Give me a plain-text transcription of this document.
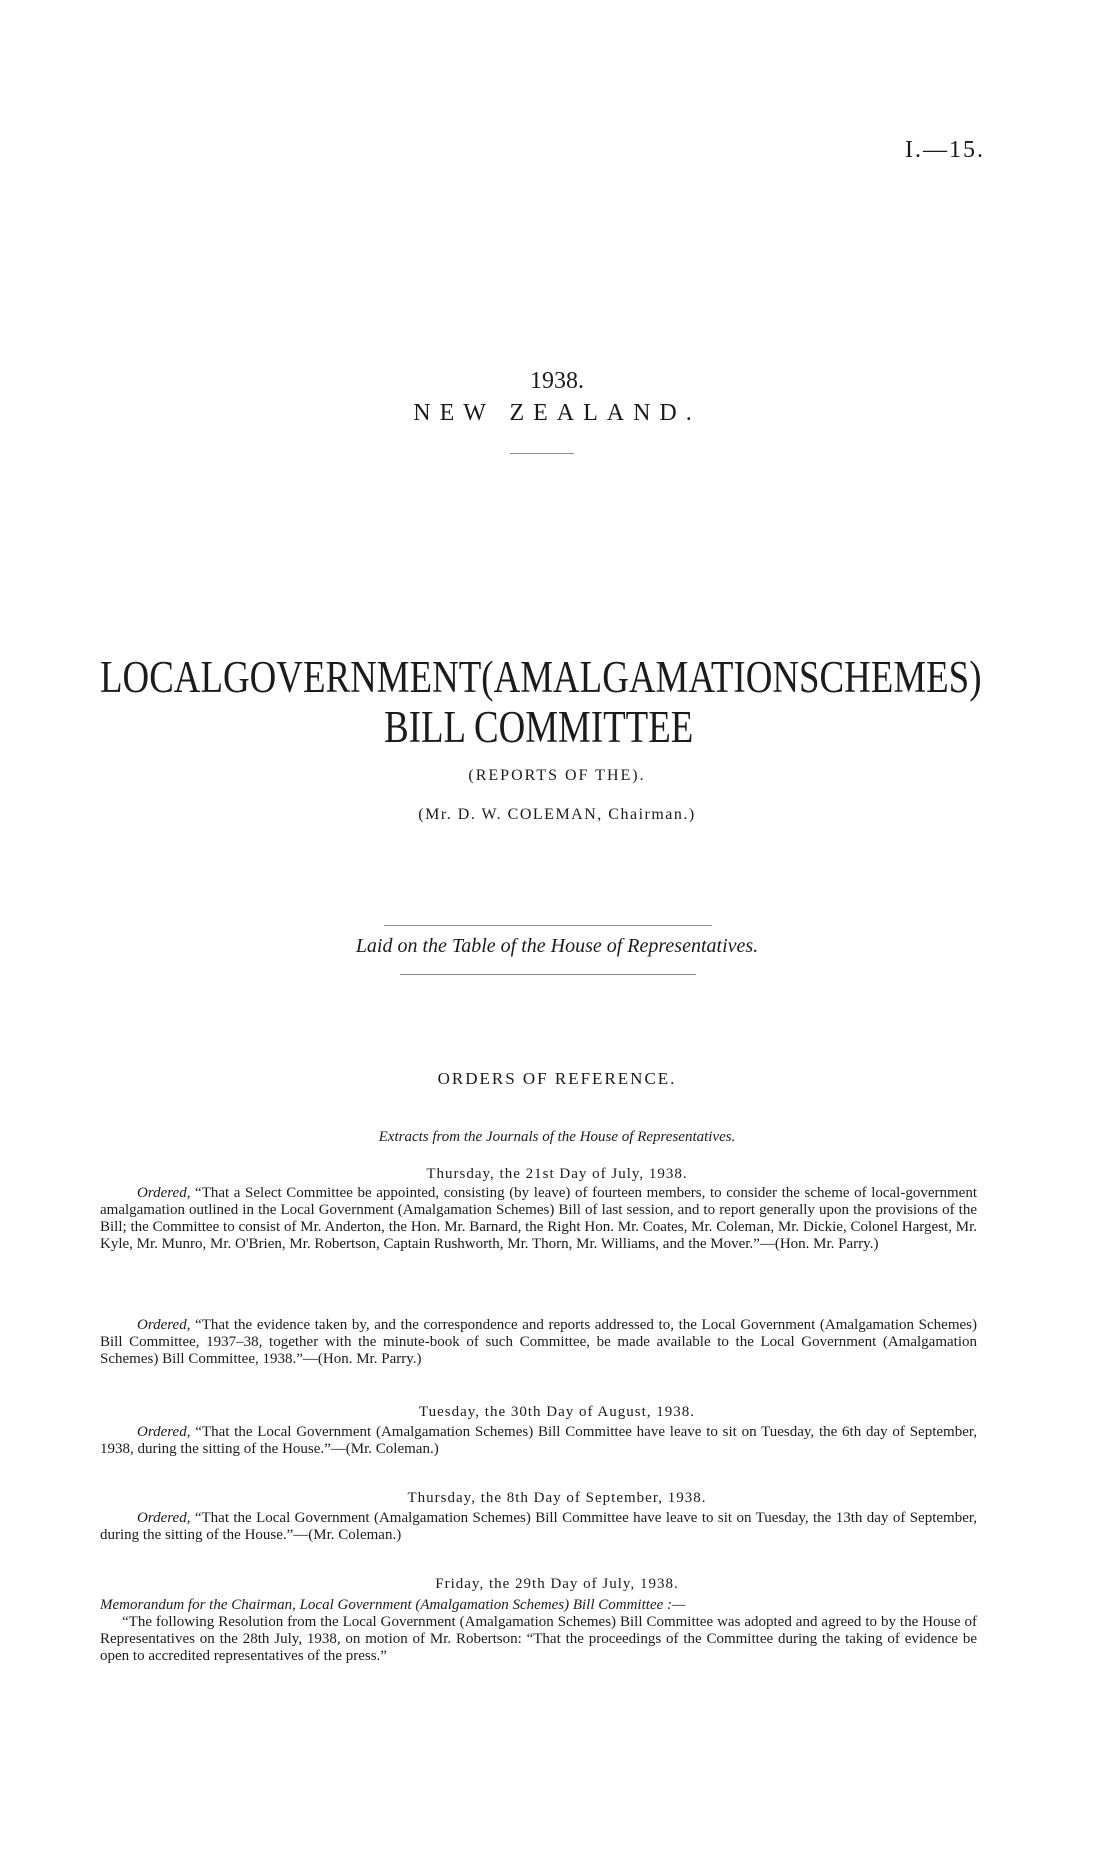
I.—15.
1938.
NEW ZEALAND.
LOCAL GOVERNMENT (AMALGAMATION SCHEMES)
BILL COMMITTEE
(REPORTS OF THE).
(Mr. D. W. COLEMAN, Chairman.)
Laid on the Table of the House of Representatives.
ORDERS OF REFERENCE.
Extracts from the Journals of the House of Representatives.
Thursday, the 21st Day of July, 1938.
Ordered, “That a Select Committee be appointed, consisting (by leave) of fourteen members, to consider the scheme of local-government amalgamation outlined in the Local Government (Amalgamation Schemes) Bill of last session, and to report generally upon the provisions of the Bill; the Committee to consist of Mr. Anderton, the Hon. Mr. Barnard, the Right Hon. Mr. Coates, Mr. Coleman, Mr. Dickie, Colonel Hargest, Mr. Kyle, Mr. Munro, Mr. O'Brien, Mr. Robertson, Captain Rushworth, Mr. Thorn, Mr. Williams, and the Mover.”—(Hon. Mr. Parry.)
Ordered, “That the evidence taken by, and the correspondence and reports addressed to, the Local Government (Amalgamation Schemes) Bill Committee, 1937–38, together with the minute-book of such Committee, be made available to the Local Government (Amalgamation Schemes) Bill Committee, 1938.”—(Hon. Mr. Parry.)
Tuesday, the 30th Day of August, 1938.
Ordered, “That the Local Government (Amalgamation Schemes) Bill Committee have leave to sit on Tuesday, the 6th day of September, 1938, during the sitting of the House.”—(Mr. Coleman.)
Thursday, the 8th Day of September, 1938.
Ordered, “That the Local Government (Amalgamation Schemes) Bill Committee have leave to sit on Tuesday, the 13th day of September, during the sitting of the House.”—(Mr. Coleman.)
Friday, the 29th Day of July, 1938.
Memorandum for the Chairman, Local Government (Amalgamation Schemes) Bill Committee :—
“The following Resolution from the Local Government (Amalgamation Schemes) Bill Committee was adopted and agreed to by the House of Representatives on the 28th July, 1938, on motion of Mr. Robertson: “That the proceedings of the Committee during the taking of evidence be open to accredited representatives of the press.”
